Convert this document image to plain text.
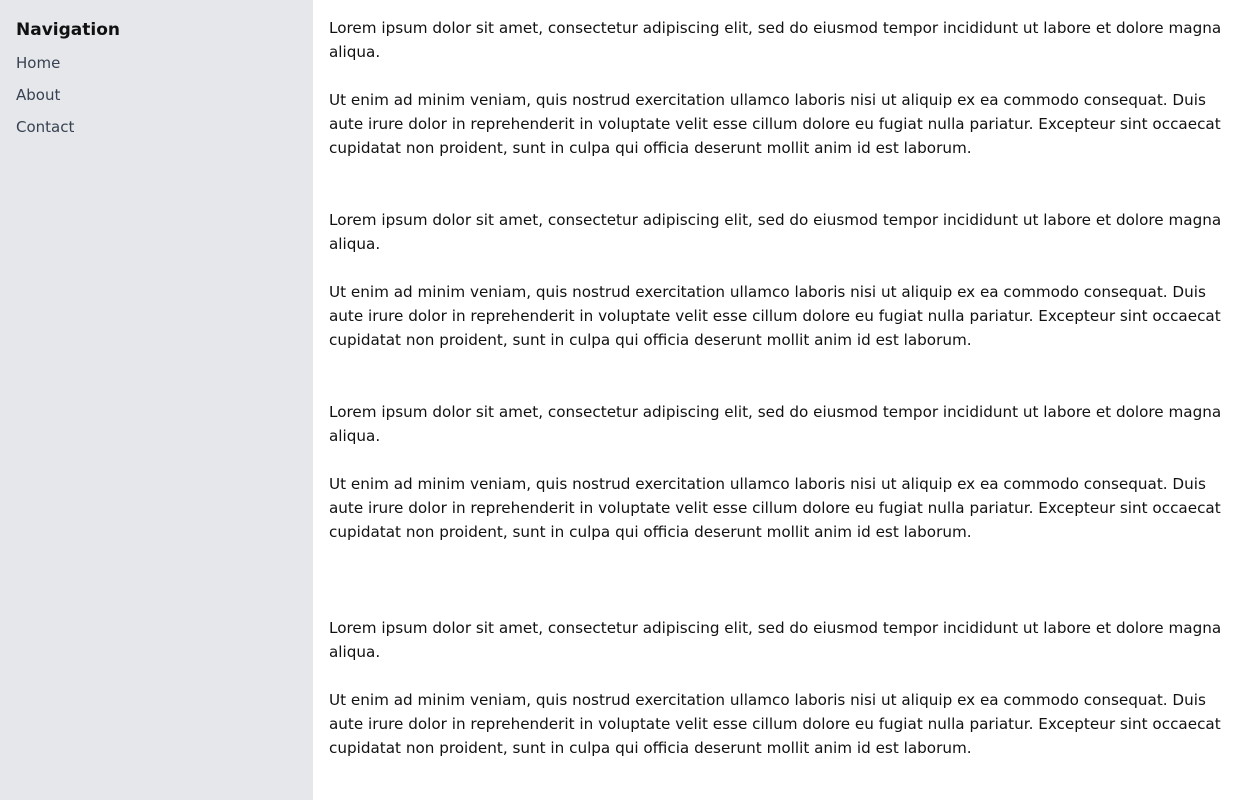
Navigation
Home
About
Contact

Lorem ipsum dolor sit amet, consectetur adipiscing elit, sed do eiusmod tempor incididunt ut labore et dolore magna aliqua.

Ut enim ad minim veniam, quis nostrud exercitation ullamco laboris nisi ut aliquip ex ea commodo consequat. Duis aute irure dolor in reprehenderit in voluptate velit esse cillum dolore eu fugiat nulla pariatur. Excepteur sint occaecat cupidatat non proident, sunt in culpa qui officia deserunt mollit anim id est laborum.

Lorem ipsum dolor sit amet, consectetur adipiscing elit, sed do eiusmod tempor incididunt ut labore et dolore magna aliqua.

Ut enim ad minim veniam, quis nostrud exercitation ullamco laboris nisi ut aliquip ex ea commodo consequat. Duis aute irure dolor in reprehenderit in voluptate velit esse cillum dolore eu fugiat nulla pariatur. Excepteur sint occaecat cupidatat non proident, sunt in culpa qui officia deserunt mollit anim id est laborum.

Lorem ipsum dolor sit amet, consectetur adipiscing elit, sed do eiusmod tempor incididunt ut labore et dolore magna aliqua.

Ut enim ad minim veniam, quis nostrud exercitation ullamco laboris nisi ut aliquip ex ea commodo consequat. Duis aute irure dolor in reprehenderit in voluptate velit esse cillum dolore eu fugiat nulla pariatur. Excepteur sint occaecat cupidatat non proident, sunt in culpa qui officia deserunt mollit anim id est laborum.

Lorem ipsum dolor sit amet, consectetur adipiscing elit, sed do eiusmod tempor incididunt ut labore et dolore magna aliqua.

Ut enim ad minim veniam, quis nostrud exercitation ullamco laboris nisi ut aliquip ex ea commodo consequat. Duis aute irure dolor in reprehenderit in voluptate velit esse cillum dolore eu fugiat nulla pariatur. Excepteur sint occaecat cupidatat non proident, sunt in culpa qui officia deserunt mollit anim id est laborum.
